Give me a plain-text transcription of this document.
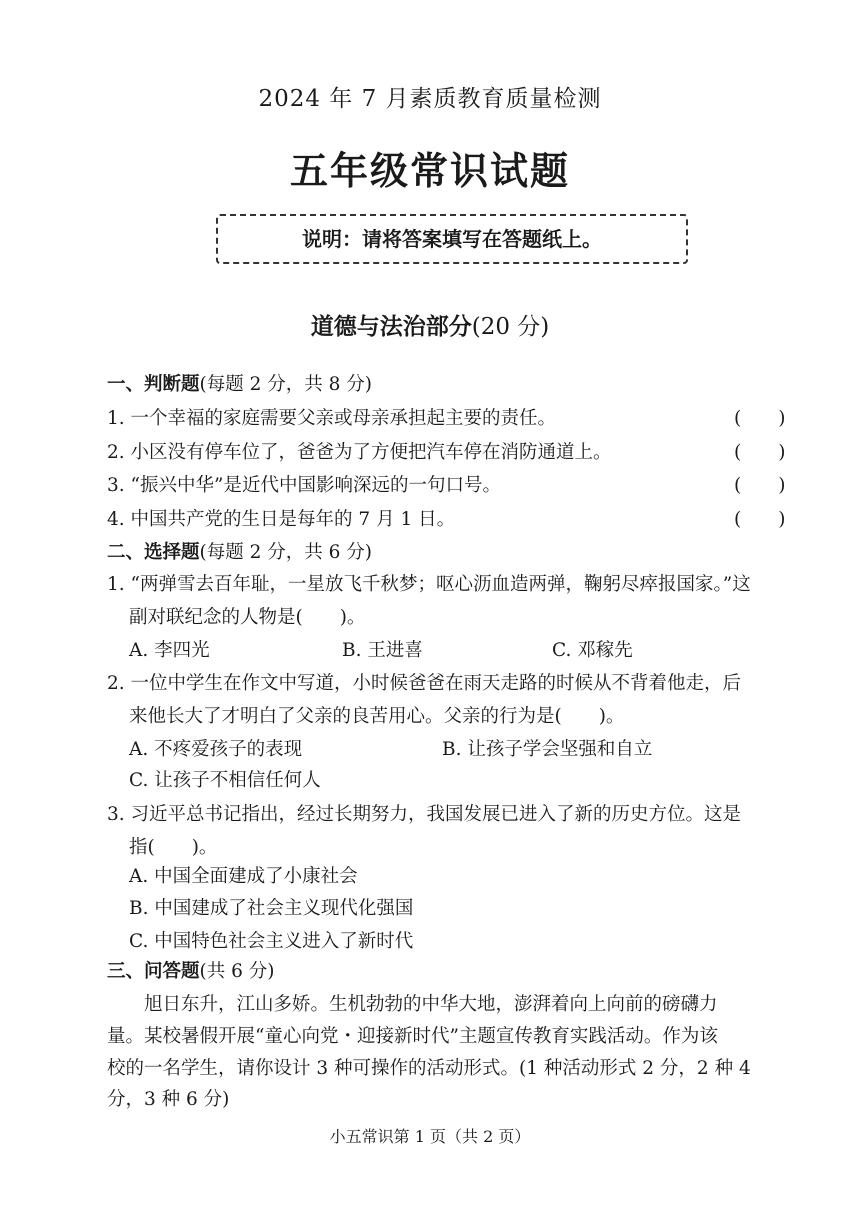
2024 年 7 月素质教育质量检测
五年级常识试题
说明：请将答案填写在答题纸上。
道德与法治部分(20 分)
一、判断题(每题 2 分，共 8 分)
1. 一个幸福的家庭需要父亲或母亲承担起主要的责任。	(　　)
2. 小区没有停车位了，爸爸为了方便把汽车停在消防通道上。	(　　)
3. “振兴中华”是近代中国影响深远的一句口号。	(　　)
4. 中国共产党的生日是每年的 7 月 1 日。	(　　)
二、选择题(每题 2 分，共 6 分)
1. “两弹雪去百年耻，一星放飞千秋梦；呕心沥血造两弹，鞠躬尽瘁报国家。”这
副对联纪念的人物是(　　)。
A. 李四光	B. 王进喜	C. 邓稼先
2. 一位中学生在作文中写道，小时候爸爸在雨天走路的时候从不背着他走，后
来他长大了才明白了父亲的良苦用心。父亲的行为是(　　)。
A. 不疼爱孩子的表现	B. 让孩子学会坚强和自立
C. 让孩子不相信任何人
3. 习近平总书记指出，经过长期努力，我国发展已进入了新的历史方位。这是
指(　　)。
A. 中国全面建成了小康社会
B. 中国建成了社会主义现代化强国
C. 中国特色社会主义进入了新时代
三、问答题(共 6 分)
旭日东升，江山多娇。生机勃勃的中华大地，澎湃着向上向前的磅礴力
量。某校暑假开展“童心向党・迎接新时代”主题宣传教育实践活动。作为该
校的一名学生，请你设计 3 种可操作的活动形式。(1 种活动形式 2 分，2 种 4
分，3 种 6 分)
小五常识第 1 页（共 2 页）
